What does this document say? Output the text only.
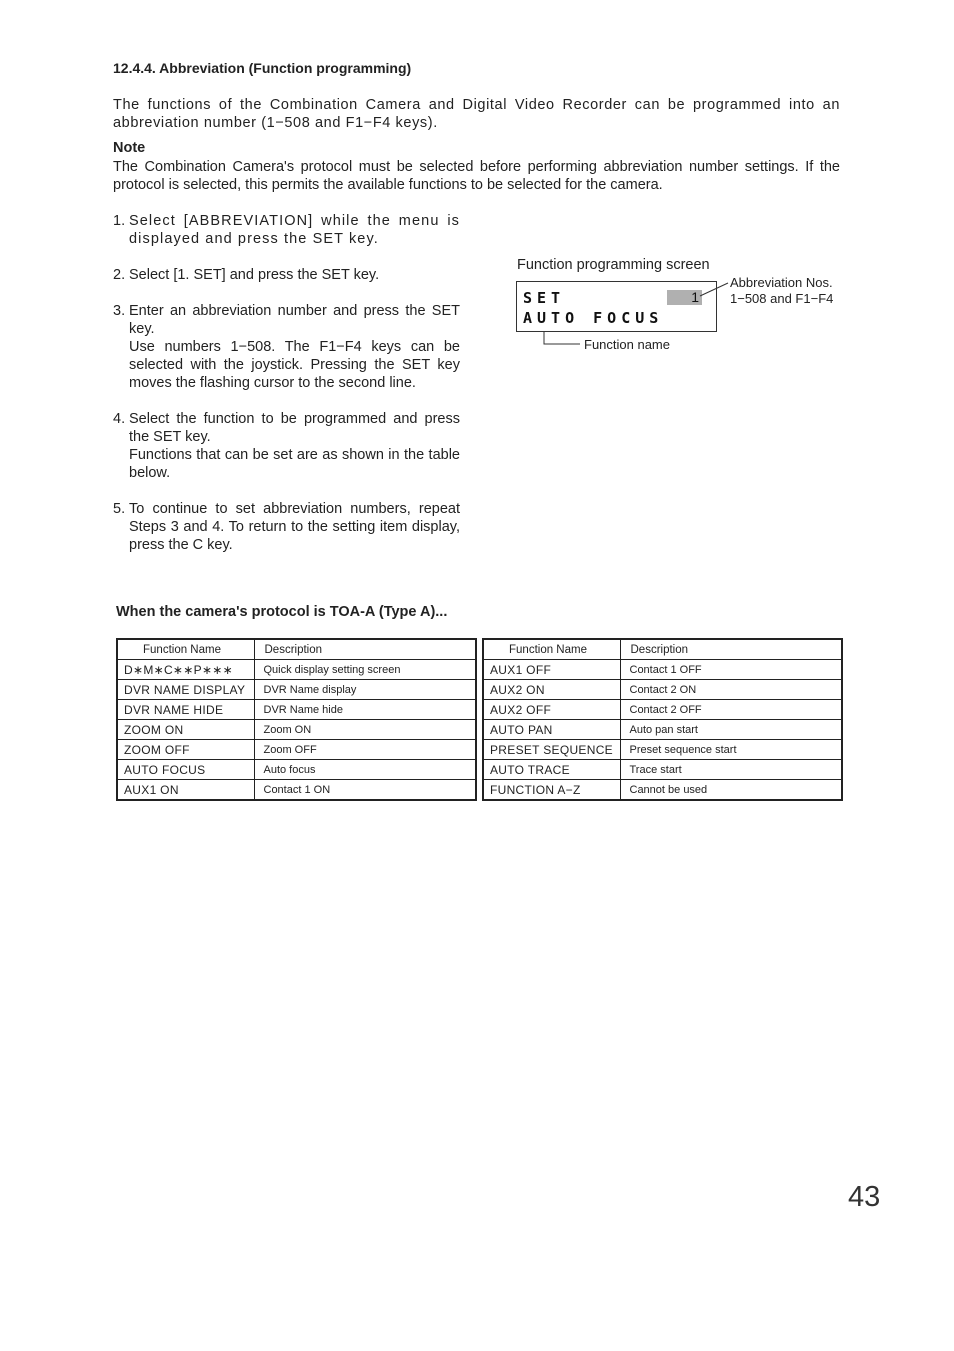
12.4.4. Abbreviation (Function programming)
The functions of the Combination Camera and Digital Video Recorder can be programmed into an abbreviation number (1−508 and F1−F4 keys).
Note
The Combination Camera's protocol must be selected before performing abbreviation number settings. If the protocol is selected, this permits the available functions to be selected for the camera.
1. Select [ABBREVIATION] while the menu is displayed and press the SET key.

2. Select [1. SET] and press the SET key.

3. Enter an abbreviation number and press the SET key.

Use numbers 1−508. The F1−F4 keys can be selected with the joystick. Pressing the SET key moves the flashing cursor to the second line.

4. Select the function to be programmed and press the SET key.

Functions that can be set are as shown in the table below.

5. To continue to set abbreviation numbers, repeat Steps 3 and 4. To return to the setting item display, press the C key.

Function programming screen
SET	1
AUTO FOCUS
Abbreviation Nos.
1−508 and F1−F4
Function name
When the camera's protocol is TOA-A (Type A)...
Function Name	Description
D∗M∗C∗∗P∗∗∗	Quick display setting screen
DVR NAME DISPLAY	DVR Name display
DVR NAME HIDE	DVR Name hide
ZOOM ON	Zoom ON
ZOOM OFF	Zoom OFF
AUTO FOCUS	Auto focus
AUX1 ON	Contact 1 ON
Function Name	Description
AUX1 OFF	Contact 1 OFF
AUX2 ON	Contact 2 ON
AUX2 OFF	Contact 2 OFF
AUTO PAN	Auto pan start
PRESET SEQUENCE	Preset sequence start
AUTO TRACE	Trace start
FUNCTION A−Z	Cannot be used
43
